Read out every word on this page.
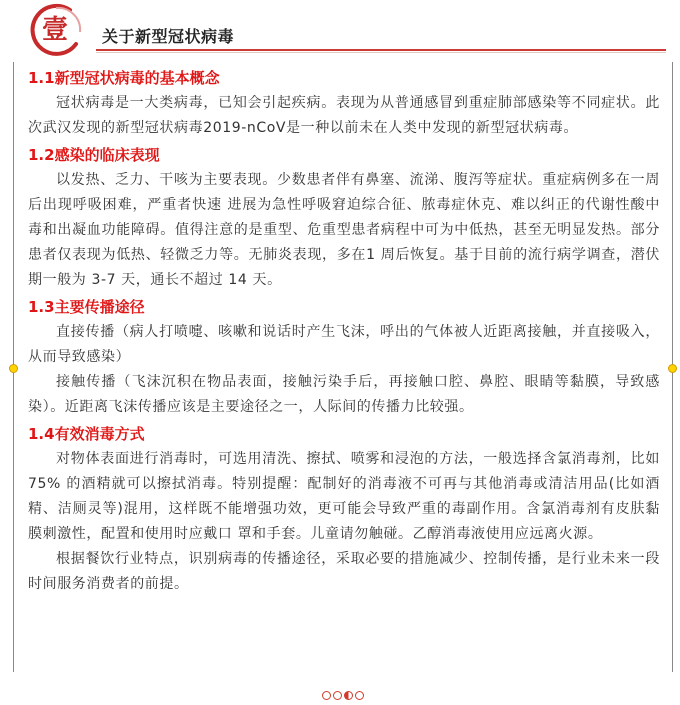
壹	关于新型冠状病毒
1.1新型冠状病毒的基本概念

冠状病毒是一大类病毒，已知会引起疾病。表现为从普通感冒到重症肺部感染等不同症状。此次武汉发现的新型冠状病毒2019-nCoV是一种以前未在人类中发现的新型冠状病毒。

1.2感染的临床表现

以发热、乏力、干咳为主要表现。少数患者伴有鼻塞、流涕、腹泻等症状。重症病例多在一周后出现呼吸困难，严重者快速 进展为急性呼吸窘迫综合征、脓毒症休克、难以纠正的代谢性酸中毒和出凝血功能障碍。值得注意的是重型、危重型患者病程中可为中低热，甚至无明显发热。部分患者仅表现为低热、轻微乏力等。无肺炎表现，多在1 周后恢复。基于目前的流行病学调查，潜伏期一般为 3-7 天，通长不超过 14 天。

1.3主要传播途径

直接传播（病人打喷嚏、咳嗽和说话时产生飞沫，呼出的气体被人近距离接触，并直接吸入，从而导致感染）

接触传播（飞沫沉积在物品表面，接触污染手后，再接触口腔、鼻腔、眼睛等黏膜，导致感染）。近距离飞沫传播应该是主要途径之一，人际间的传播力比较强。

1.4有效消毒方式

对物体表面进行消毒时，可选用清洗、擦拭、喷雾和浸泡的方法，一般选择含氯消毒剂，比如75% 的酒精就可以擦拭消毒。特别提醒：配制好的消毒液不可再与其他消毒或清洁用品(比如酒精、洁厕灵等)混用，这样既不能增强功效，更可能会导致严重的毒副作用。含氯消毒剂有皮肤黏膜刺激性，配置和使用时应戴口 罩和手套。儿童请勿触碰。乙醇消毒液使用应远离火源。

根据餐饮行业特点，识别病毒的传播途径，采取必要的措施减少、控制传播，是行业未来一段时间服务消费者的前提。
